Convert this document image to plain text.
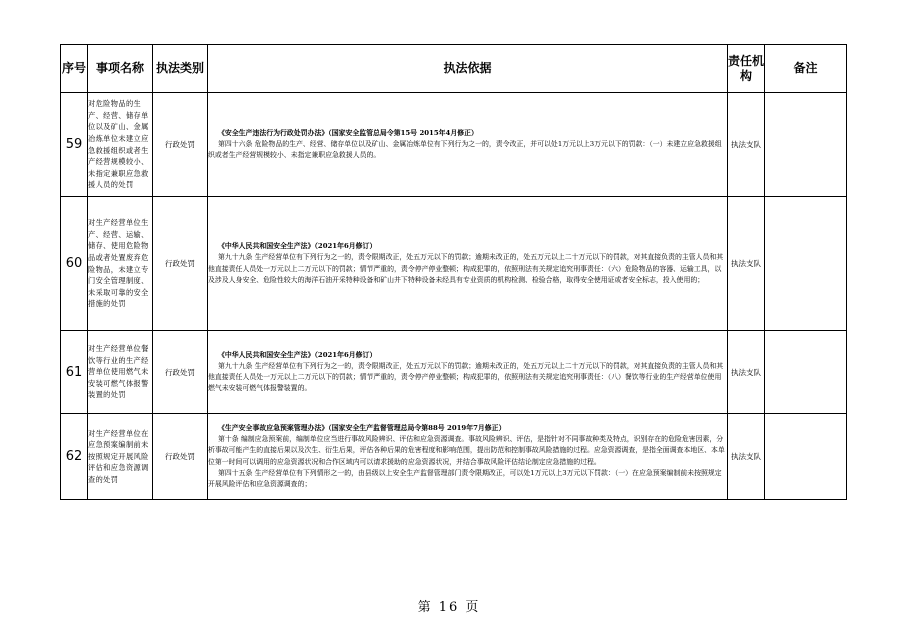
序号	事项名称	执法类别	执法依据	责任机构	备注
59	对危险物品的生产、经营、储存单位以及矿山、金属冶炼单位未建立应急救援组织或者生产经营规模较小、未指定兼职应急救援人员的处罚	行政处罚	《安全生产违法行为行政处罚办法》（国家安全监管总局令第15号 2015年4月修正）
第四十六条 危险物品的生产、经营、储存单位以及矿山、金属冶炼单位有下列行为之一的，责令改正，并可以处1万元以上3万元以下的罚款：（一）未建立应急救援组织或者生产经营规模较小、未指定兼职应急救援人员的。	执法支队	
60	对生产经营单位生产、经营、运输、储存、使用危险物品或者处置废弃危险物品，未建立专门安全管理制度、未采取可靠的安全措施的处罚	行政处罚	《中华人民共和国安全生产法》（2021年6月修订）
第九十九条 生产经营单位有下列行为之一的，责令限期改正，处五万元以下的罚款；逾期未改正的，处五万元以上二十万元以下的罚款，对其直接负责的主管人员和其他直接责任人员处一万元以上二万元以下的罚款；情节严重的，责令停产停业整顿；构成犯罪的，依照刑法有关规定追究刑事责任：（六）危险物品的容器、运输工具，以及涉及人身安全、危险性较大的海洋石油开采特种设备和矿山井下特种设备未经具有专业资质的机构检测、检验合格，取得安全使用证或者安全标志，投入使用的；	执法支队	
61	对生产经营单位餐饮等行业的生产经营单位使用燃气未安装可燃气体报警装置的处罚	行政处罚	《中华人民共和国安全生产法》（2021年6月修订）
第九十九条 生产经营单位有下列行为之一的，责令限期改正，处五万元以下的罚款；逾期未改正的，处五万元以上二十万元以下的罚款，对其直接负责的主管人员和其他直接责任人员处一万元以上二万元以下的罚款；情节严重的，责令停产停业整顿；构成犯罪的，依照刑法有关规定追究刑事责任：（八）餐饮等行业的生产经营单位使用燃气未安装可燃气体报警装置的。	执法支队	
62	对生产经营单位在应急预案编制前未按照规定开展风险评估和应急资源调查的处罚	行政处罚	《生产安全事故应急预案管理办法》（国家安全生产监督管理总局令第88号 2019年7月修正）
第十条 编制应急预案前，编制单位应当进行事故风险辨识、评估和应急资源调查。事故风险辨识、评估，是指针对不同事故种类及特点，识别存在的危险危害因素，分析事故可能产生的直接后果以及次生、衍生后果，评估各种后果的危害程度和影响范围，提出防范和控制事故风险措施的过程。应急资源调查，是指全面调查本地区、本单位第一时间可以调用的应急资源状况和合作区域内可以请求援助的应急资源状况，并结合事故风险评估结论制定应急措施的过程。
第四十五条 生产经营单位有下列情形之一的，由县级以上安全生产监督管理部门责令限期改正，可以处1万元以上3万元以下罚款：（一）在应急预案编制前未按照规定开展风险评估和应急资源调查的；	执法支队	
第 16 页
